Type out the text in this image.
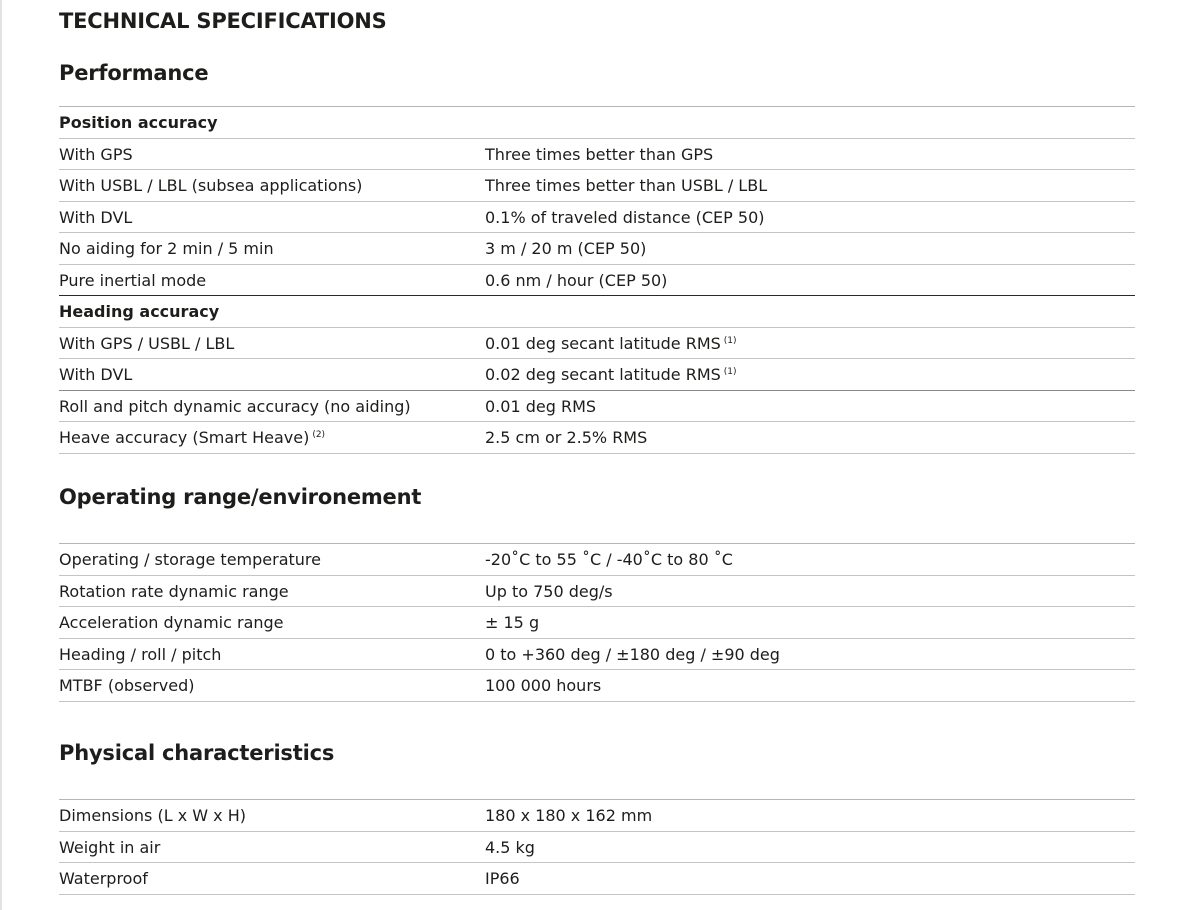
TECHNICAL SPECIFICATIONS
Performance
Position accuracy
With GPS	Three times better than GPS
With USBL / LBL (subsea applications)	Three times better than USBL / LBL
With DVL	0.1% of traveled distance (CEP 50)
No aiding for 2 min / 5 min	3 m / 20 m (CEP 50)
Pure inertial mode	0.6 nm / hour (CEP 50)
Heading accuracy
With GPS / USBL / LBL	0.01 deg secant latitude RMS $^{(1)}$
With DVL	0.02 deg secant latitude RMS $^{(1)}$
Roll and pitch dynamic accuracy (no aiding)	0.01 deg RMS
Heave accuracy (Smart Heave) $^{(2)}$	2.5 cm or 2.5% RMS
Operating range/environement
Operating / storage temperature	-20˚C to 55 ˚C / -40˚C to 80 ˚C
Rotation rate dynamic range	Up to 750 deg/s
Acceleration dynamic range	± 15 g
Heading / roll / pitch	0 to +360 deg / ±180 deg / ±90 deg
MTBF (observed)	100 000 hours
Physical characteristics
Dimensions (L x W x H)	180 x 180 x 162 mm
Weight in air	4.5 kg
Waterproof	IP66
